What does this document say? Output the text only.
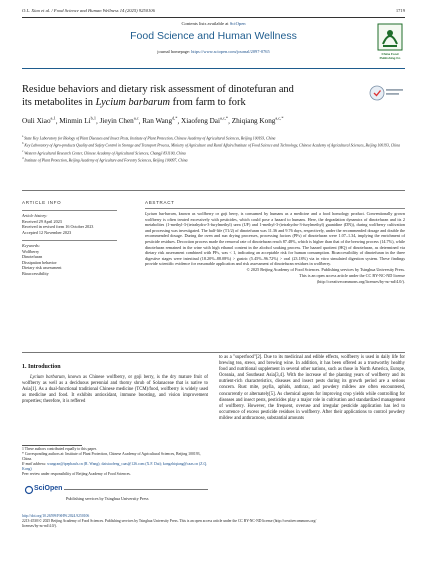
O.L. Xiao et al. / Food Science and Human Wellness 14 (2025) 9250106	1719
Contents lists available at SciOpen
Food Science and Human Wellness
journal homepage: https://www.sciopen.com/journal/2097-0765	China Food
Publishing Co
Residue behaviors and dietary risk assessment of dinotefuran and
its metabolites in Lycium barbarum from farm to fork
Ouli Xiao$^{a,1}$, Minmin Li$^{b,1}$, Jieyin Chen$^{a,c}$, Ran Wang$^{d,*}$, Xiaofeng Dai$^{a,c,*}$, Zhiqiang Kong$^{a,c,*}$
$^a$ State Key Laboratory for Biology of Plant Diseases and Insect Pests, Institute of Plant Protection, Chinese Academy of Agricultural Sciences, Beijing 100193, China
$^b$ Key Laboratory of Agro-products Quality and Safety Control in Storage and Transport Process, Ministry of Agriculture and Rural Affairs/Institute of Food Science and Technology, Chinese Academy of Agricultural Sciences, Beijing 100193, China
$^c$ Western Agricultural Research Center, Chinese Academy of Agricultural Sciences, Changji 831100, China
$^d$ Institute of Plant Protection, Beijing Academy of Agriculture and Forestry Sciences, Beijing 100097, China
ARTICLE INFO	ABSTRACT
Article history:
Received 29 April 2023
Received in revised form 16 October 2023
Accepted 12 November 2023
Keywords:
Wolfberry
Dinotefuran
Dissipation behavior
Dietary risk assessment
Bioaccessibility

Lycium barbarum, known as wolfberry or goji berry, is consumed by humans as a medicine and a food homology product. Conventionally grown wolfberry is often treated excessively with pesticides, which could pose a hazard to humans. Here, the degradation dynamics of dinotefuran and its 2 metabolites (1-methyl-3-(tetrahydro-3-furylmethyl) urea (UF) and 1-methyl-3-(tetrahydro-3-furylmethyl) guanidine (DN)), during wolfberry cultivation and processing was investigated. The half-life (T1/2) of dinotefuran was 11.36 and 9.76 days, respectively, under the recommended dosage and double the recommended dosage. During the oven and sun drying processes, processing factors (PFs) of dinotefuran were 1.07–1.34, implying the enrichment of pesticide residues. Decoction process made the removal rate of dinotefuran reach 87.48%, which is higher than that of the brewing process (14.7%), while dinotefuran remained in the wine with high ethanol content in the alcohol soaking process. The hazard quotient (HQ) of dinotefuran, as determined via dietary risk assessment combined with PFs, was < 1, indicating an acceptable risk for human consumption. Bioaccessibility of dinotefuran in the three digestive stages were intestinal (18.20%–88.08%) > gastric (5.45%–96.72%) > oral (23.18%) via in vitro simulated digestion system. These findings provide scientific evidence for reasonable application and risk assessment of dinotefuran residues in wolfberry.

© 2025 Beijing Academy of Food Sciences. Publishing services by Tsinghua University Press.
This is an open access article under the CC BY-NC-ND license
(http://creativecommons.org/licenses/by-nc-nd/4.0/).
1. Introduction

Lycium barbarum, known as Chinese wolfberry, or goji berry, is the dry mature fruit of wolfberry as well as a deciduous perennial and thorny shrub of Solanaceae that is native to Asia[1]. As a dual-functional traditional Chinese medicine (TCM)/food, wolfberry is widely used as medicine and food. It exhibits antioxidant, immune boosting, and vision improvement properties; therefore, it is reffered

to as a "superfood"[2]. Due to its medicinal and edible effects, wolfberry is used in daily life for brewing tea, stews, and brewing wine. In addition, it has been offered as a trustworthy healthy food and nutritional supplement in several other nations, such as those in North America, Europe, Oceania, and Southeast Asia[3,4]. With the increase of the planting years of wolfberry and its nutrient-rich characteristics, diseases and insect pests during its growth period are a serious concern. Rust mite, psylla, aphids, anthrax, and powdery mildew are often encountered, concurrently or alternately[5]. As chemical agents for improving crop yields while controlling for diseases and insect pests, pesticides play a major role in cultivation and standardized management of wolfberry. However, the frequent, overuse and irregular pesticide application has led to occurrence of excess pesticide residues in wolfberry. After their applications to control powdery mildew and anthracnose, substantial amounts

1 These authors contributed equally to this paper.
* Corresponding authors at: Institute of Plant Protection, Chinese Academy of Agricultural Sciences, Beijing 100193, China.
E-mail address: wangran@ipepbaafs.cn (R. Wang); daixiaofeng_caas@126.com (X.F. Dai); kongzhiqiang@caas.cn (Z.Q. Kong)
Peer review under responsibility of Beijing Academy of Food Sciences.
SciOpen
Publishing services by Tsinghua University Press
http://doi.org/10.26599/FSHW.2024.9250106
2213-4530/© 2025 Beijing Academy of Food Sciences. Publishing services by Tsinghua University Press. This is an open access article under the CC BY-NC-ND license (http://creativecommons.org/
licenses/by-nc-nd/4.0/).
